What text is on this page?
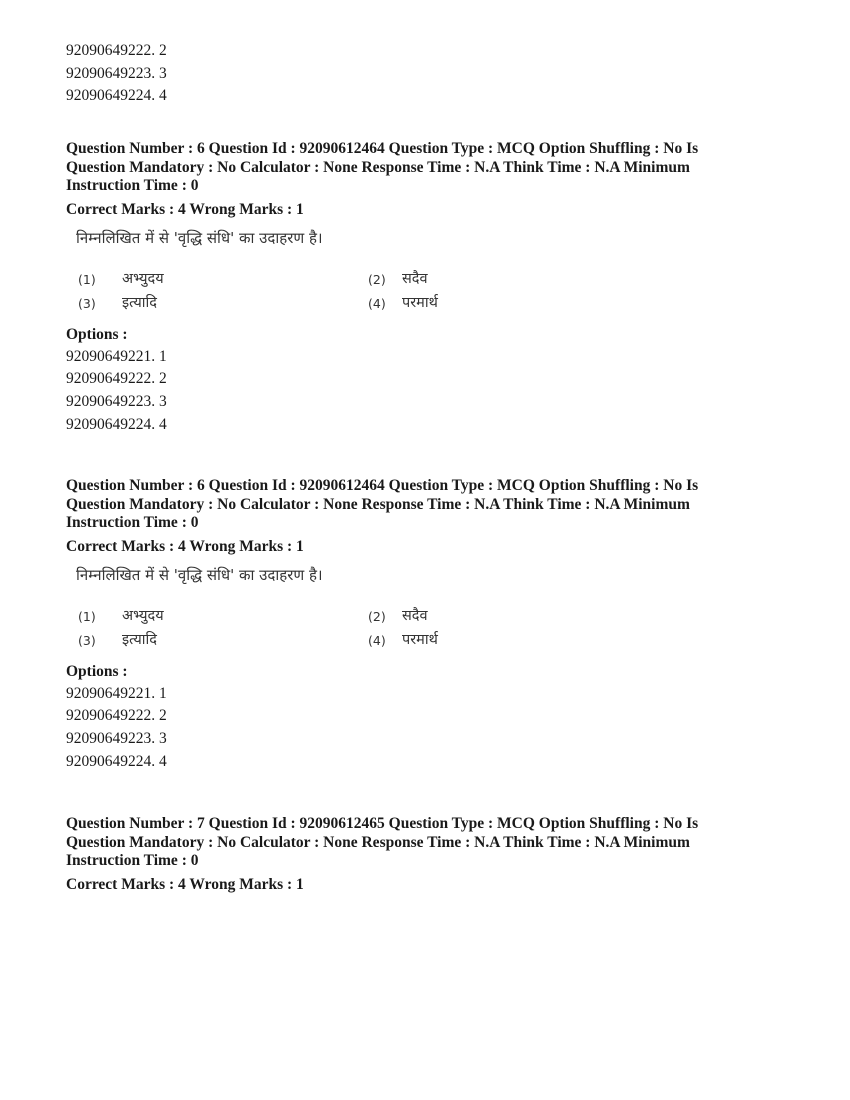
92090649222. 2
92090649223. 3
92090649224. 4
Question Number : 6 Question Id : 92090612464 Question Type : MCQ Option Shuffling : No Is
Question Mandatory : No Calculator : None Response Time : N.A Think Time : N.A Minimum
Instruction Time : 0
Correct Marks : 4 Wrong Marks : 1
निम्नलिखित में से 'वृद्धि संधि' का उदाहरण है।
(1) अभ्युदय	(2) सदैव
(3) इत्यादि	(4) परमार्थ
Options :
92090649221. 1
92090649222. 2
92090649223. 3
92090649224. 4
Question Number : 6 Question Id : 92090612464 Question Type : MCQ Option Shuffling : No Is
Question Mandatory : No Calculator : None Response Time : N.A Think Time : N.A Minimum
Instruction Time : 0
Correct Marks : 4 Wrong Marks : 1
निम्नलिखित में से 'वृद्धि संधि' का उदाहरण है।
(1) अभ्युदय	(2) सदैव
(3) इत्यादि	(4) परमार्थ
Options :
92090649221. 1
92090649222. 2
92090649223. 3
92090649224. 4
Question Number : 7 Question Id : 92090612465 Question Type : MCQ Option Shuffling : No Is
Question Mandatory : No Calculator : None Response Time : N.A Think Time : N.A Minimum
Instruction Time : 0
Correct Marks : 4 Wrong Marks : 1
